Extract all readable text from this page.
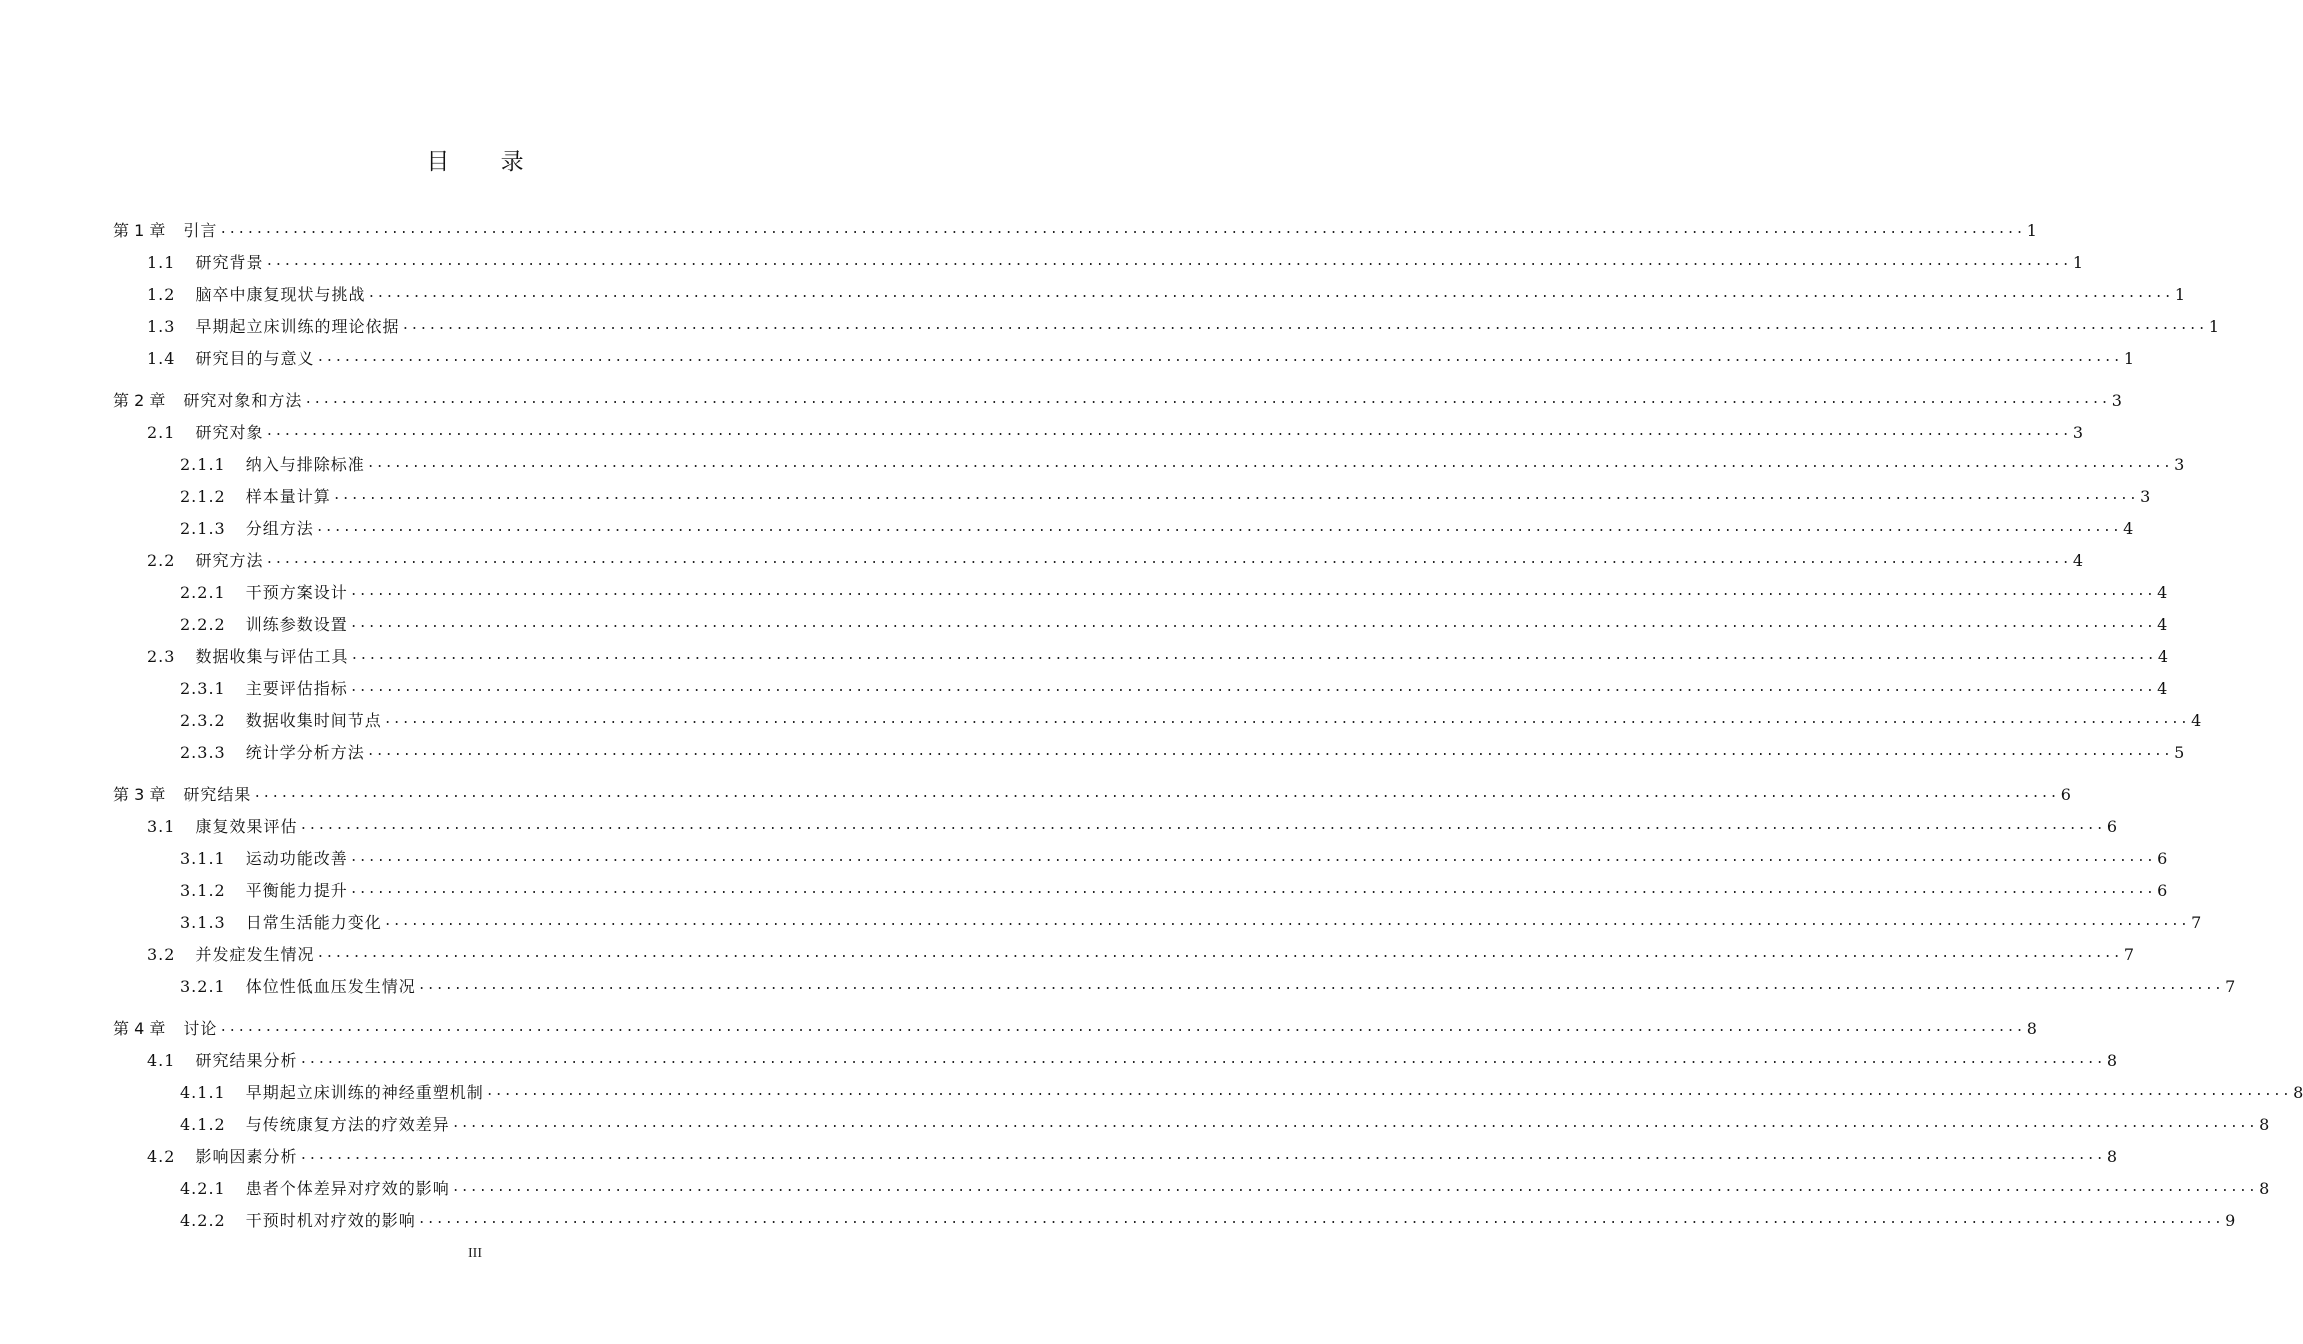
目 录
第 1 章 引言 ........................................................................................................................................................................................................ 1
1.1 研究背景 ........................................................................................................................................................................................................ 1
1.2 脑卒中康复现状与挑战 ........................................................................................................................................................................................................ 1
1.3 早期起立床训练的理论依据 ........................................................................................................................................................................................................ 1
1.4 研究目的与意义 ........................................................................................................................................................................................................ 1
第 2 章 研究对象和方法 ........................................................................................................................................................................................................ 3
2.1 研究对象 ........................................................................................................................................................................................................ 3
2.1.1 纳入与排除标准 ........................................................................................................................................................................................................ 3
2.1.2 样本量计算 ........................................................................................................................................................................................................ 3
2.1.3 分组方法 ........................................................................................................................................................................................................ 4
2.2 研究方法 ........................................................................................................................................................................................................ 4
2.2.1 干预方案设计 ........................................................................................................................................................................................................ 4
2.2.2 训练参数设置 ........................................................................................................................................................................................................ 4
2.3 数据收集与评估工具 ........................................................................................................................................................................................................ 4
2.3.1 主要评估指标 ........................................................................................................................................................................................................ 4
2.3.2 数据收集时间节点 ........................................................................................................................................................................................................ 4
2.3.3 统计学分析方法 ........................................................................................................................................................................................................ 5
第 3 章 研究结果 ........................................................................................................................................................................................................ 6
3.1 康复效果评估 ........................................................................................................................................................................................................ 6
3.1.1 运动功能改善 ........................................................................................................................................................................................................ 6
3.1.2 平衡能力提升 ........................................................................................................................................................................................................ 6
3.1.3 日常生活能力变化 ........................................................................................................................................................................................................ 7
3.2 并发症发生情况 ........................................................................................................................................................................................................ 7
3.2.1 体位性低血压发生情况 ........................................................................................................................................................................................................ 7
第 4 章 讨论 ........................................................................................................................................................................................................ 8
4.1 研究结果分析 ........................................................................................................................................................................................................ 8
4.1.1 早期起立床训练的神经重塑机制 ........................................................................................................................................................................................................ 8
4.1.2 与传统康复方法的疗效差异 ........................................................................................................................................................................................................ 8
4.2 影响因素分析 ........................................................................................................................................................................................................ 8
4.2.1 患者个体差异对疗效的影响 ........................................................................................................................................................................................................ 8
4.2.2 干预时机对疗效的影响 ........................................................................................................................................................................................................ 9
III
